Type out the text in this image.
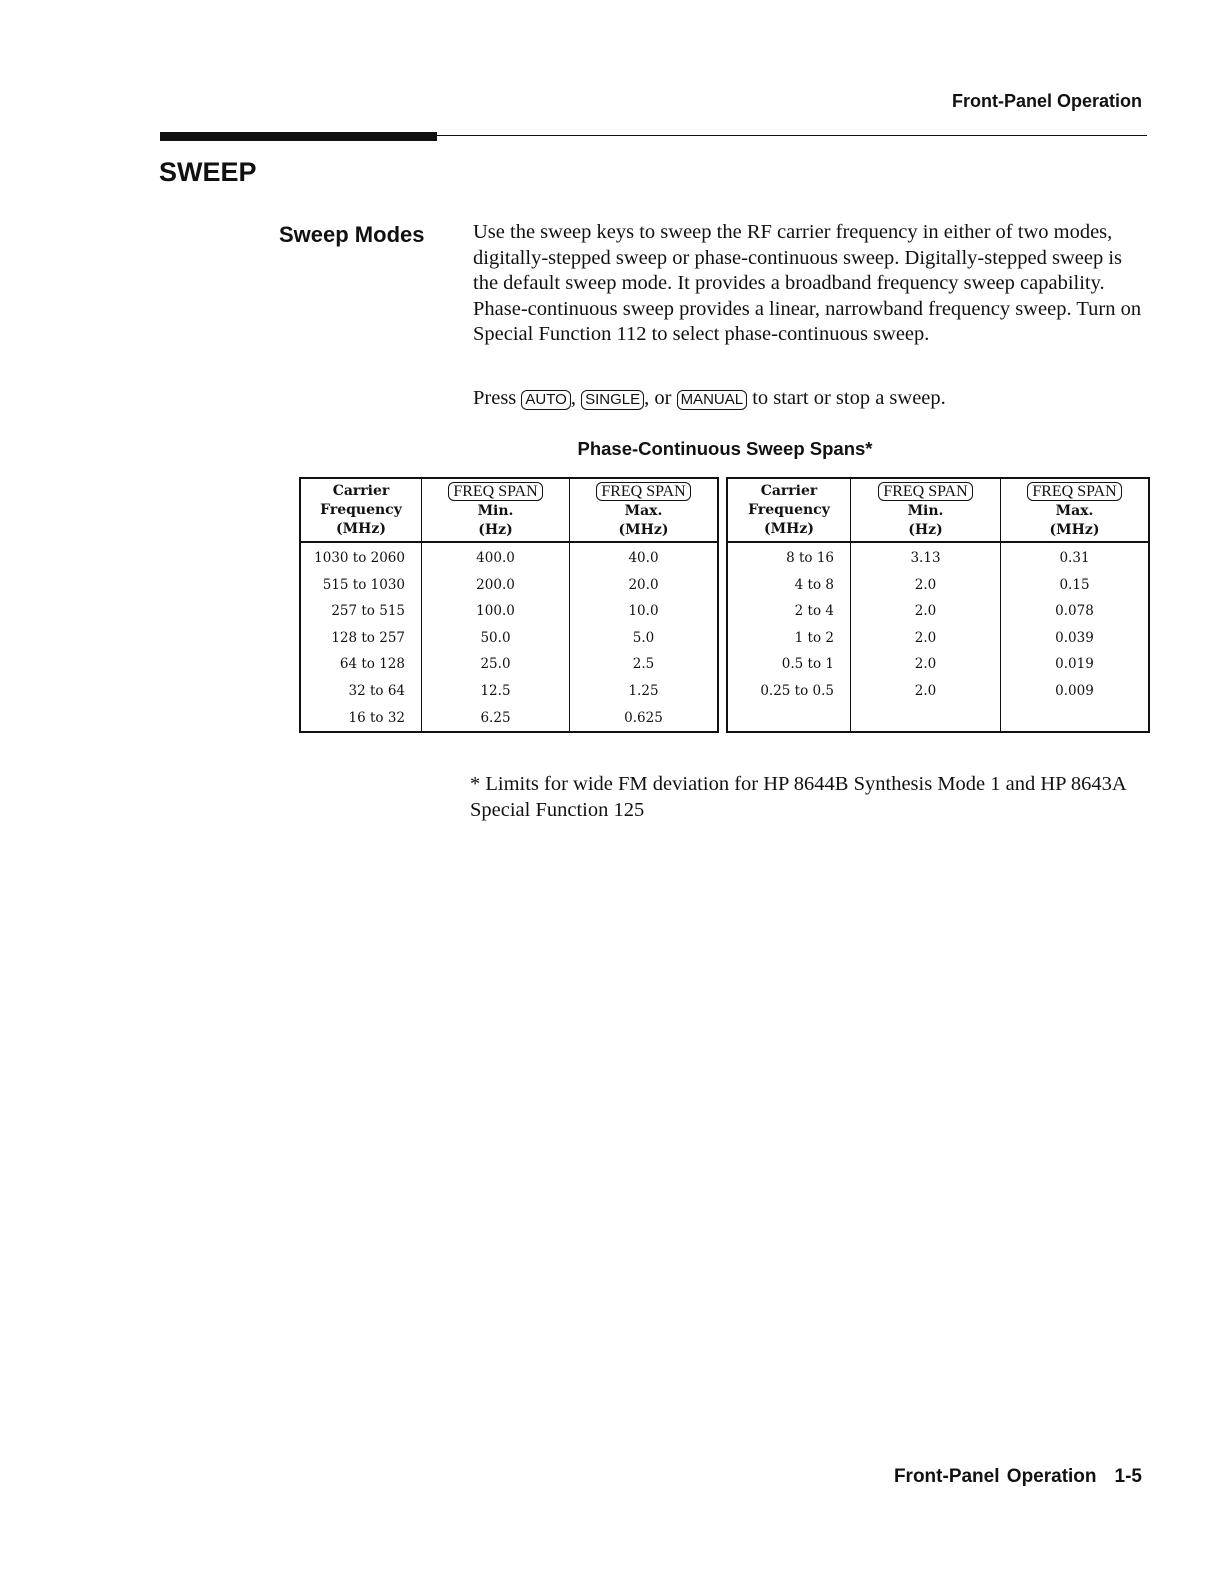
Front-Panel Operation
SWEEP
Sweep Modes Use the sweep keys to sweep the RF carrier frequency in either of two modes, digitally-stepped sweep or phase-continuous sweep. Digitally-stepped sweep is the default sweep mode. It provides a broadband frequency sweep capability. Phase-continuous sweep provides a linear, narrowband frequency sweep. Turn on Special Function 112 to select phase-continuous sweep.
Press AUTO , SINGLE , or MANUAL to start or stop a sweep.
Phase-Continuous Sweep Spans*
Carrier
Frequency
(MHz)
1030 to 2060
515 to 1030
257 to 515
128 to 257
64 to 128
32 to 64
16 to 32
FREQ SPAN
Min.
(Hz)
400.0
200.0
100.0
50.0
25.0
12.5
6.25
FREQ SPAN
Max.
(MHz)
40.0
20.0
10.0
5.0
2.5
1.25
0.625
Carrier
Frequency
(MHz)
8 to 16
4 to 8
2 to 4
1 to 2
0.5 to 1
0.25 to 0.5
FREQ SPAN
Min.
(Hz)
3.13
2.0
2.0
2.0
2.0
2.0
FREQ SPAN
Max.
(MHz)
0.31
0.15
0.078
0.039
0.019
0.009
* Limits for wide FM deviation for HP 8644B Synthesis Mode 1 and HP 8643A Special Function 125
Front-Panel Operation 1-5
